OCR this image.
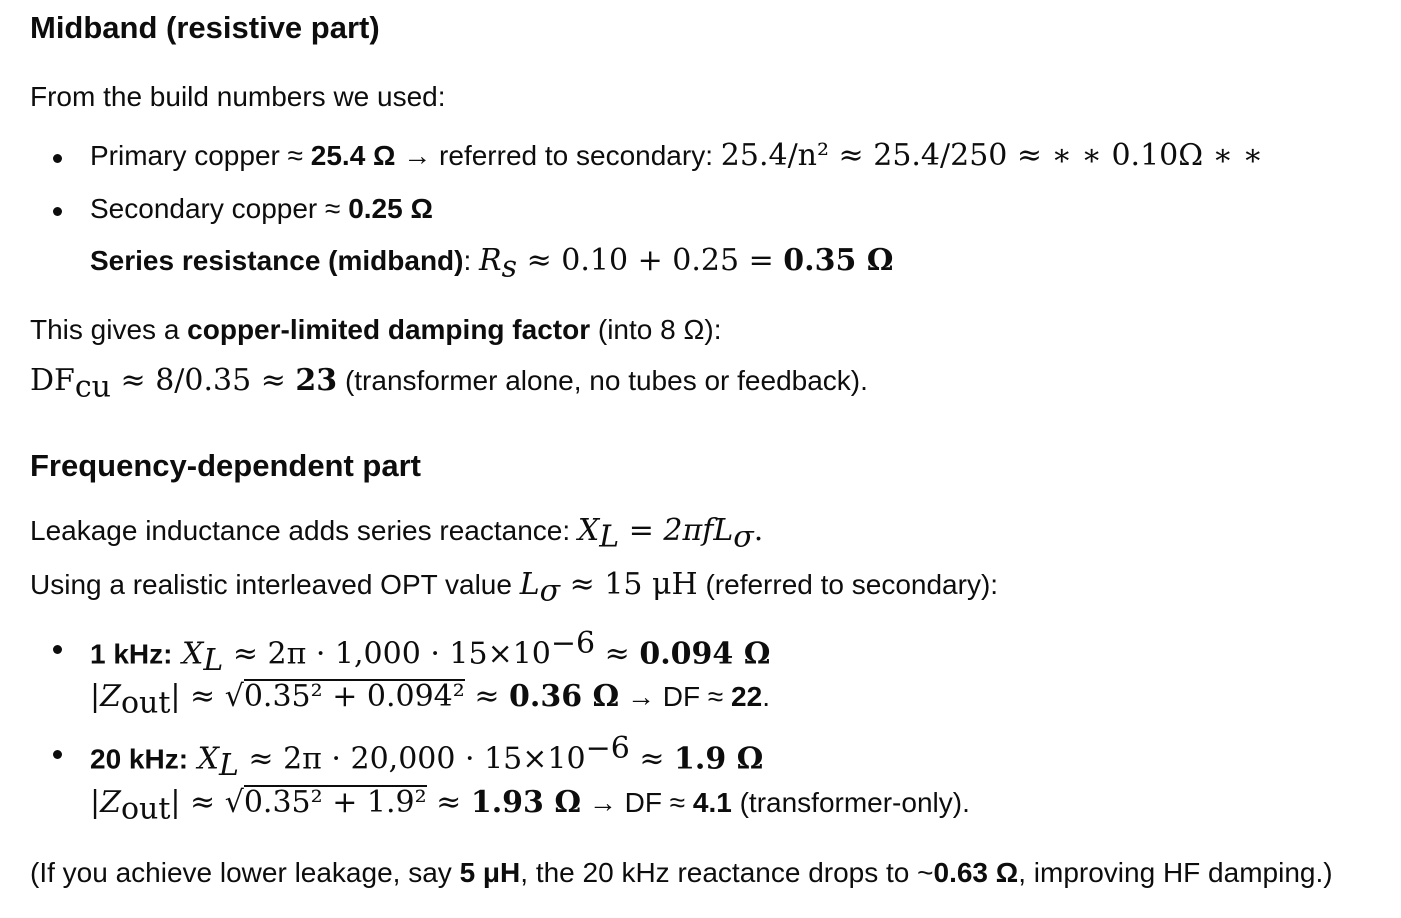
Midband (resistive part)
From the build numbers we used:
Primary copper ≈ 25.4 Ω → referred to secondary: 25.4/n² ≈ 25.4/250 ≈ ∗ ∗ 0.10Ω ∗ ∗
Secondary copper ≈ 0.25 Ω
Series resistance (midband): $R_s \approx 0.10 + 0.25 = 0.35$ Ω
This gives a copper-limited damping factor (into 8 Ω):
$DF_{cu} \approx 8/0.35 \approx 23$ (transformer alone, no tubes or feedback).
Frequency-dependent part
Leakage inductance adds series reactance: $X_L = 2\pi fL_\sigma$.
Using a realistic interleaved OPT value $L_\sigma \approx 15$ μH (referred to secondary):
1 kHz: $X_L \approx 2\pi \cdot 1,000 \cdot 15\times 10^{-6} \approx 0.094$ Ω
$|Z_{out}| \approx √0.35^2 + 0.094^2 \approx 0.36$ Ω → DF ≈ 22.
20 kHz: $X_L \approx 2\pi \cdot 20,000 \cdot 15\times 10^{-6} \approx 1.9$ Ω
$|Z_{out}| \approx √0.35^2 + 1.9^2 \approx 1.93$ Ω → DF ≈ 4.1 (transformer-only).
(If you achieve lower leakage, say 5 μH, the 20 kHz reactance drops to ~0.63 Ω, improving HF damping.)
